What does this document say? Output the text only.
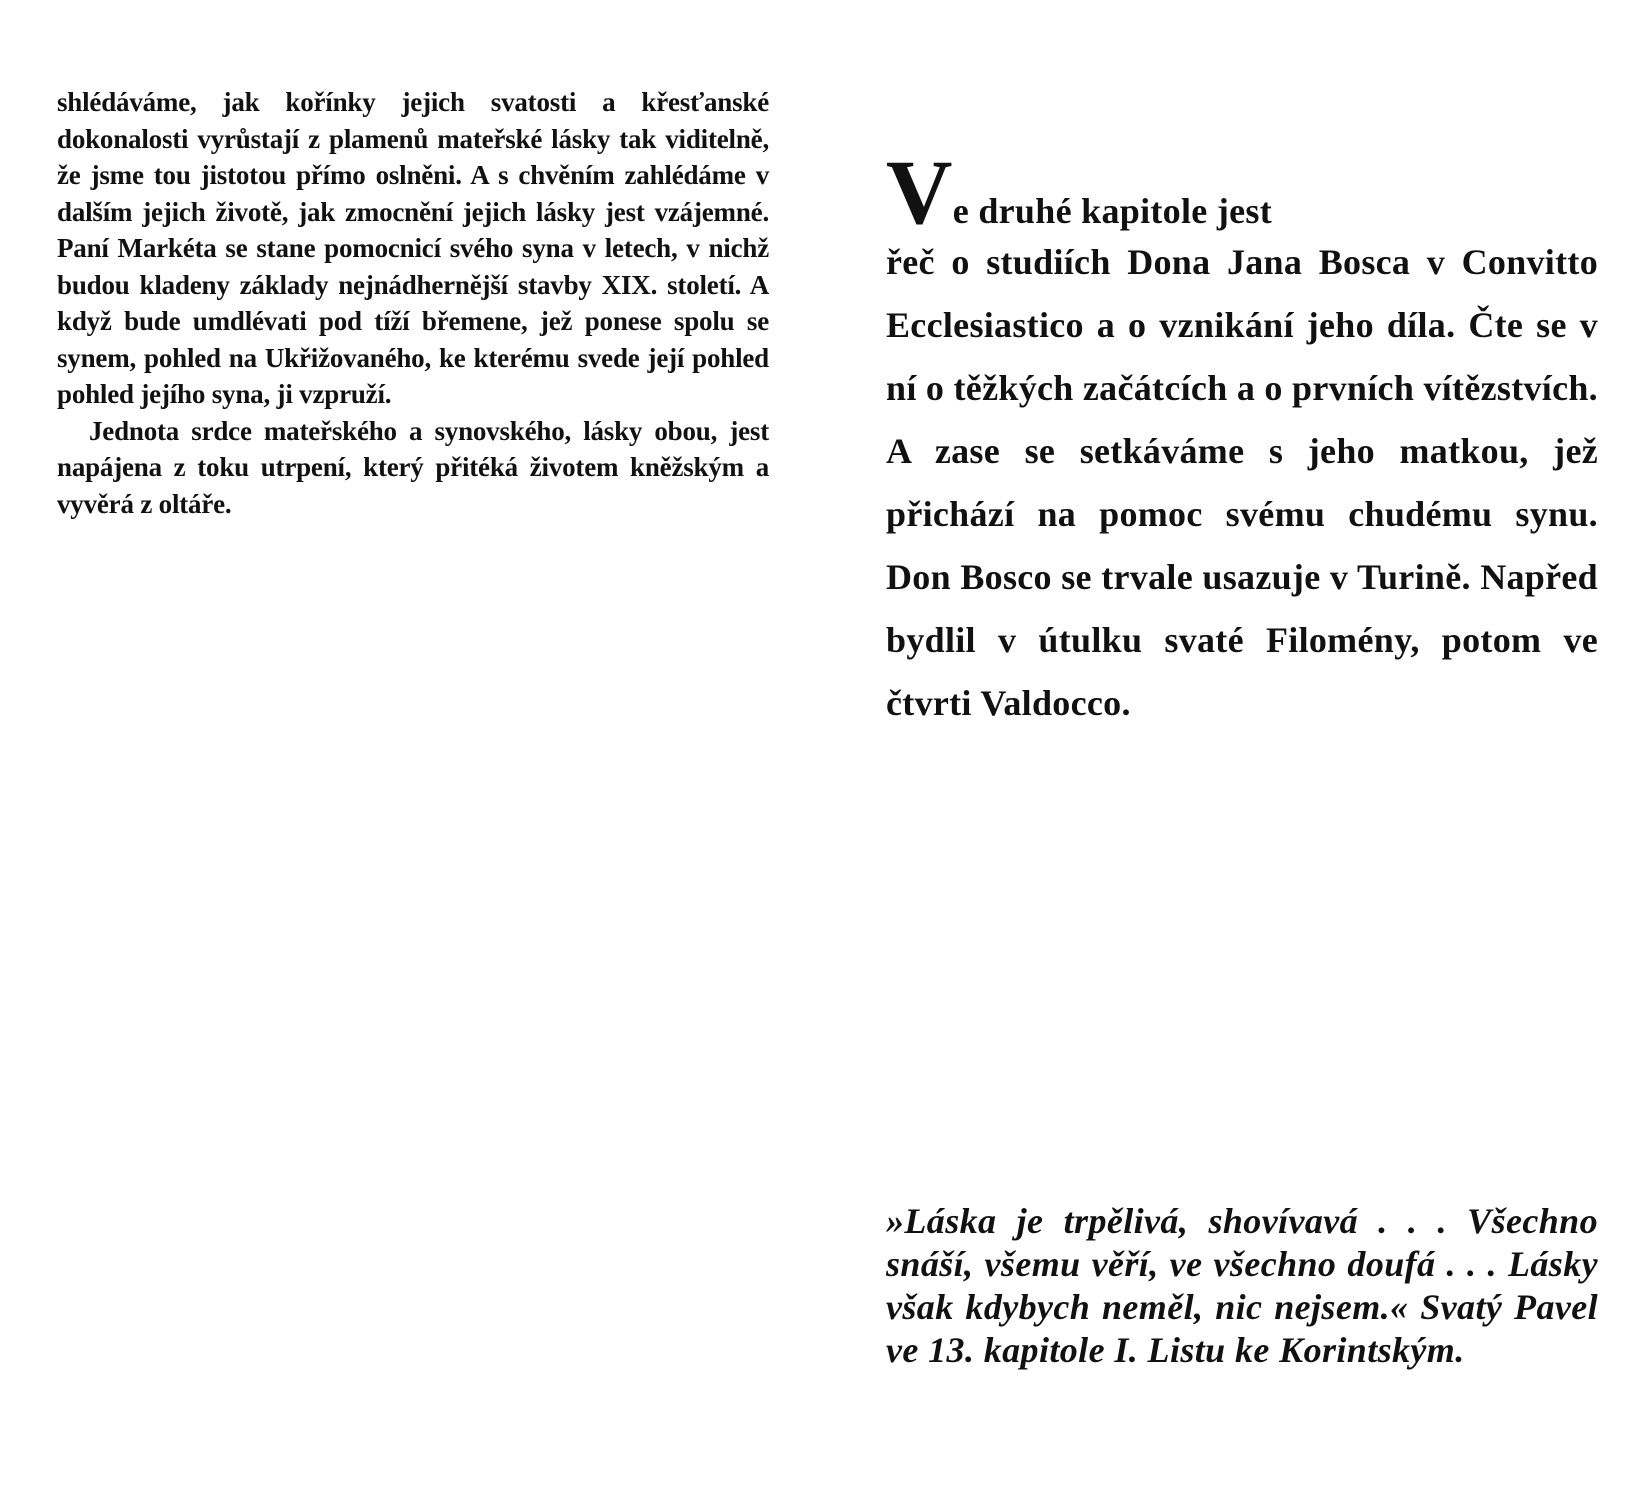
shlédáváme, jak kořínky jejich svatosti a křesťanské dokonalosti vyrůstají z plamenů mateřské lásky tak viditelně, že jsme tou jistotou přímo oslněni. A s chvěním zahlédáme v dalším jejich životě, jak zmocnění jejich lásky jest vzájemné. Paní Markéta se stane pomocnicí svého syna v letech, v nichž budou kladeny základy nejnádhernější stavby XIX. století. A když bude umdlévati pod tíží břemene, jež ponese spolu se synem, pohled na Ukřižovaného, ke kterému svede její pohled pohled jejího syna, ji vzpruží.

Jednota srdce mateřského a synovského, lásky obou, jest napájena z toku utrpení, který přitéká životem kněžským a vyvěrá z oltáře.

Ve druhé kapitole jest
řeč o studiích Dona Jana Bosca v Convitto Ecclesiastico a o vznikání jeho díla. Čte se v ní o těžkých začátcích a o prvních vítězstvích. A zase se setkáváme s jeho matkou, jež přichází na pomoc svému chudému synu. Don Bosco se trvale usazuje v Turině. Napřed bydlil v útulku svaté Filomény, potom ve čtvrti Valdocco.
»Láska je trpělivá, shovívavá . . . Všechno snáší, všemu věří, ve všechno doufá . . . Lásky však kdybych neměl, nic nejsem.« Svatý Pavel ve 13. kapitole I. Listu ke Korintským.
